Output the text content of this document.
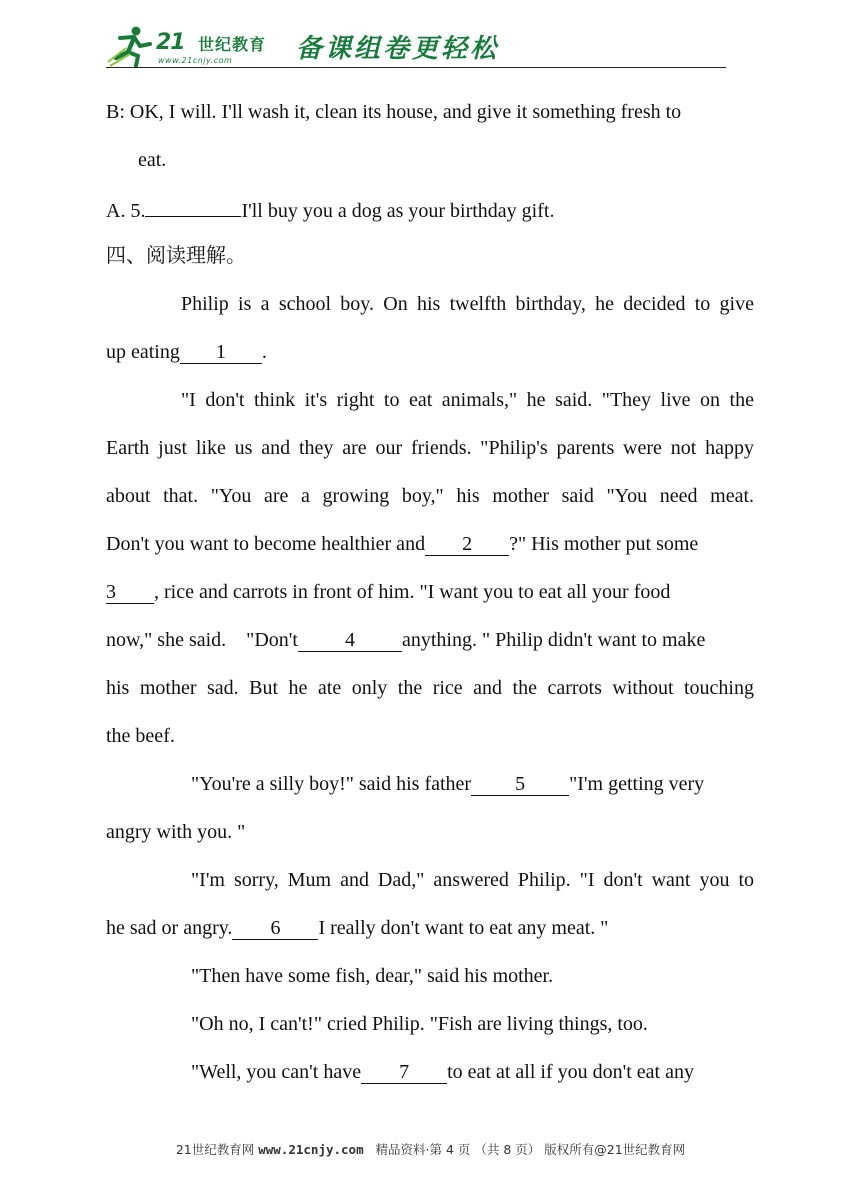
21 世纪教育
www.21cnjy.com 备课组卷更轻松
B: OK, I will. I'll wash it, clean its house, and give it something fresh to
eat.
A. 5.	I'll buy you a dog as your birthday gift.
四、阅读理解。
Philip is a school boy. On his twelfth birthday, he decided to give
up eating 1 .
"I don't think it's right to eat animals," he said. "They live on the
Earth just like us and they are our friends. "Philip's parents were not happy
about that. "You are a growing boy," his mother said "You need meat.
Don't you want to become healthier and 2 ?" His mother put some
3 , rice and carrots in front of him. "I want you to eat all your food
now," she said.    "Don't 4 anything. " Philip didn't want to make
his mother sad. But he ate only the rice and the carrots without touching
the beef.
"You're a silly boy!" said his father 5 "I'm getting very
angry with you. "
"I'm sorry, Mum and Dad," answered Philip. "I don't want you to
he sad or angry. 6 I really don't want to eat any meat. "
"Then have some fish, dear," said his mother.
"Oh no, I can't!" cried Philip. "Fish are living things, too.
"Well, you can't have 7 to eat at all if you don't eat any
21世纪教育网 www.21cnjy.com 精品资料·第 4 页 （共 8 页） 版权所有@21世纪教育网
